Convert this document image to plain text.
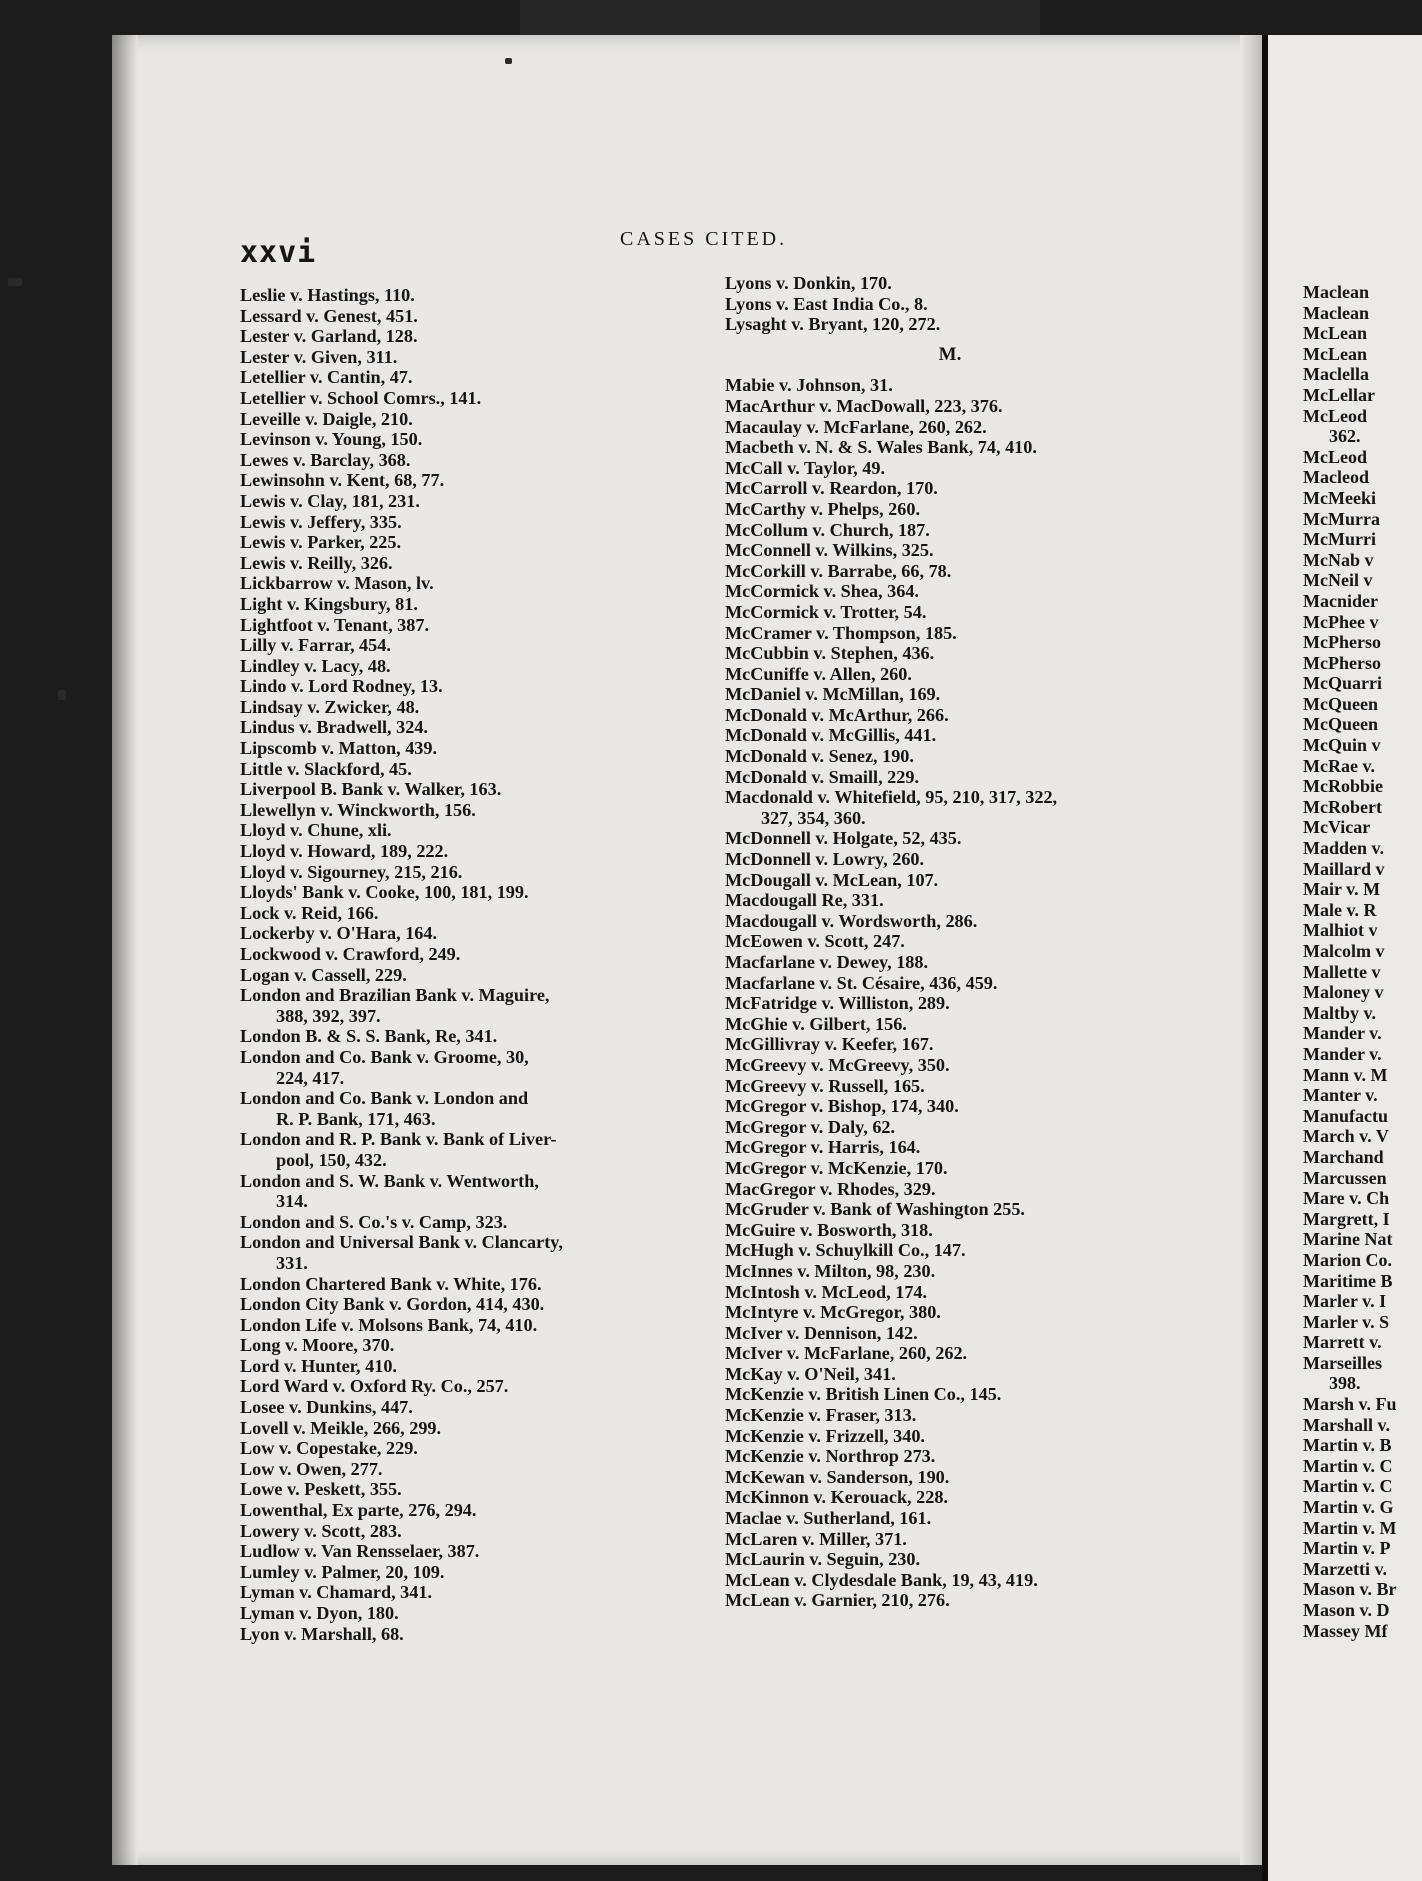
xxvi	CASES CITED.
Leslie v. Hastings, 110.
Lessard v. Genest, 451.
Lester v. Garland, 128.
Lester v. Given, 311.
Letellier v. Cantin, 47.
Letellier v. School Comrs., 141.
Leveille v. Daigle, 210.
Levinson v. Young, 150.
Lewes v. Barclay, 368.
Lewinsohn v. Kent, 68, 77.
Lewis v. Clay, 181, 231.
Lewis v. Jeffery, 335.
Lewis v. Parker, 225.
Lewis v. Reilly, 326.
Lickbarrow v. Mason, lv.
Light v. Kingsbury, 81.
Lightfoot v. Tenant, 387.
Lilly v. Farrar, 454.
Lindley v. Lacy, 48.
Lindo v. Lord Rodney, 13.
Lindsay v. Zwicker, 48.
Lindus v. Bradwell, 324.
Lipscomb v. Matton, 439.
Little v. Slackford, 45.
Liverpool B. Bank v. Walker, 163.
Llewellyn v. Winckworth, 156.
Lloyd v. Chune, xli.
Lloyd v. Howard, 189, 222.
Lloyd v. Sigourney, 215, 216.
Lloyds' Bank v. Cooke, 100, 181, 199.
Lock v. Reid, 166.
Lockerby v. O'Hara, 164.
Lockwood v. Crawford, 249.
Logan v. Cassell, 229.
London and Brazilian Bank v. Maguire,
388, 392, 397.
London B. & S. S. Bank, Re, 341.
London and Co. Bank v. Groome, 30,
224, 417.
London and Co. Bank v. London and
R. P. Bank, 171, 463.
London and R. P. Bank v. Bank of Liver-
pool, 150, 432.
London and S. W. Bank v. Wentworth,
314.
London and S. Co.'s v. Camp, 323.
London and Universal Bank v. Clancarty,
331.
London Chartered Bank v. White, 176.
London City Bank v. Gordon, 414, 430.
London Life v. Molsons Bank, 74, 410.
Long v. Moore, 370.
Lord v. Hunter, 410.
Lord Ward v. Oxford Ry. Co., 257.
Losee v. Dunkins, 447.
Lovell v. Meikle, 266, 299.
Low v. Copestake, 229.
Low v. Owen, 277.
Lowe v. Peskett, 355.
Lowenthal, Ex parte, 276, 294.
Lowery v. Scott, 283.
Ludlow v. Van Rensselaer, 387.
Lumley v. Palmer, 20, 109.
Lyman v. Chamard, 341.
Lyman v. Dyon, 180.
Lyon v. Marshall, 68.
Lyons v. Donkin, 170.
Lyons v. East India Co., 8.
Lysaght v. Bryant, 120, 272.
M.
Mabie v. Johnson, 31.
MacArthur v. MacDowall, 223, 376.
Macaulay v. McFarlane, 260, 262.
Macbeth v. N. & S. Wales Bank, 74, 410.
McCall v. Taylor, 49.
McCarroll v. Reardon, 170.
McCarthy v. Phelps, 260.
McCollum v. Church, 187.
McConnell v. Wilkins, 325.
McCorkill v. Barrabe, 66, 78.
McCormick v. Shea, 364.
McCormick v. Trotter, 54.
McCramer v. Thompson, 185.
McCubbin v. Stephen, 436.
McCuniffe v. Allen, 260.
McDaniel v. McMillan, 169.
McDonald v. McArthur, 266.
McDonald v. McGillis, 441.
McDonald v. Senez, 190.
McDonald v. Smaill, 229.
Macdonald v. Whitefield, 95, 210, 317, 322,
327, 354, 360.
McDonnell v. Holgate, 52, 435.
McDonnell v. Lowry, 260.
McDougall v. McLean, 107.
Macdougall Re, 331.
Macdougall v. Wordsworth, 286.
McEowen v. Scott, 247.
Macfarlane v. Dewey, 188.
Macfarlane v. St. Césaire, 436, 459.
McFatridge v. Williston, 289.
McGhie v. Gilbert, 156.
McGillivray v. Keefer, 167.
McGreevy v. McGreevy, 350.
McGreevy v. Russell, 165.
McGregor v. Bishop, 174, 340.
McGregor v. Daly, 62.
McGregor v. Harris, 164.
McGregor v. McKenzie, 170.
MacGregor v. Rhodes, 329.
McGruder v. Bank of Washington 255.
McGuire v. Bosworth, 318.
McHugh v. Schuylkill Co., 147.
McInnes v. Milton, 98, 230.
McIntosh v. McLeod, 174.
McIntyre v. McGregor, 380.
McIver v. Dennison, 142.
McIver v. McFarlane, 260, 262.
McKay v. O'Neil, 341.
McKenzie v. British Linen Co., 145.
McKenzie v. Fraser, 313.
McKenzie v. Frizzell, 340.
McKenzie v. Northrop 273.
McKewan v. Sanderson, 190.
McKinnon v. Kerouack, 228.
Maclae v. Sutherland, 161.
McLaren v. Miller, 371.
McLaurin v. Seguin, 230.
McLean v. Clydesdale Bank, 19, 43, 419.
McLean v. Garnier, 210, 276.
Maclean
Maclean
McLean
McLean
Maclella
McLellar
McLeod
362.
McLeod
Macleod
McMeeki
McMurra
McMurri
McNab v
McNeil v
Macnider
McPhee v
McPherso
McPherso
McQuarri
McQueen
McQueen
McQuin v
McRae v.
McRobbie
McRobert
McVicar
Madden v.
Maillard v
Mair v. M
Male v. R
Malhiot v
Malcolm v
Mallette v
Maloney v
Maltby v.
Mander v.
Mander v.
Mann v. M
Manter v.
Manufactu
March v. V
Marchand
Marcussen
Mare v. Ch
Margrett, I
Marine Nat
Marion Co.
Maritime B
Marler v. I
Marler v. S
Marrett v.
Marseilles
398.
Marsh v. Fu
Marshall v.
Martin v. B
Martin v. C
Martin v. C
Martin v. G
Martin v. M
Martin v. P
Marzetti v.
Mason v. Br
Mason v. D
Massey Mf
